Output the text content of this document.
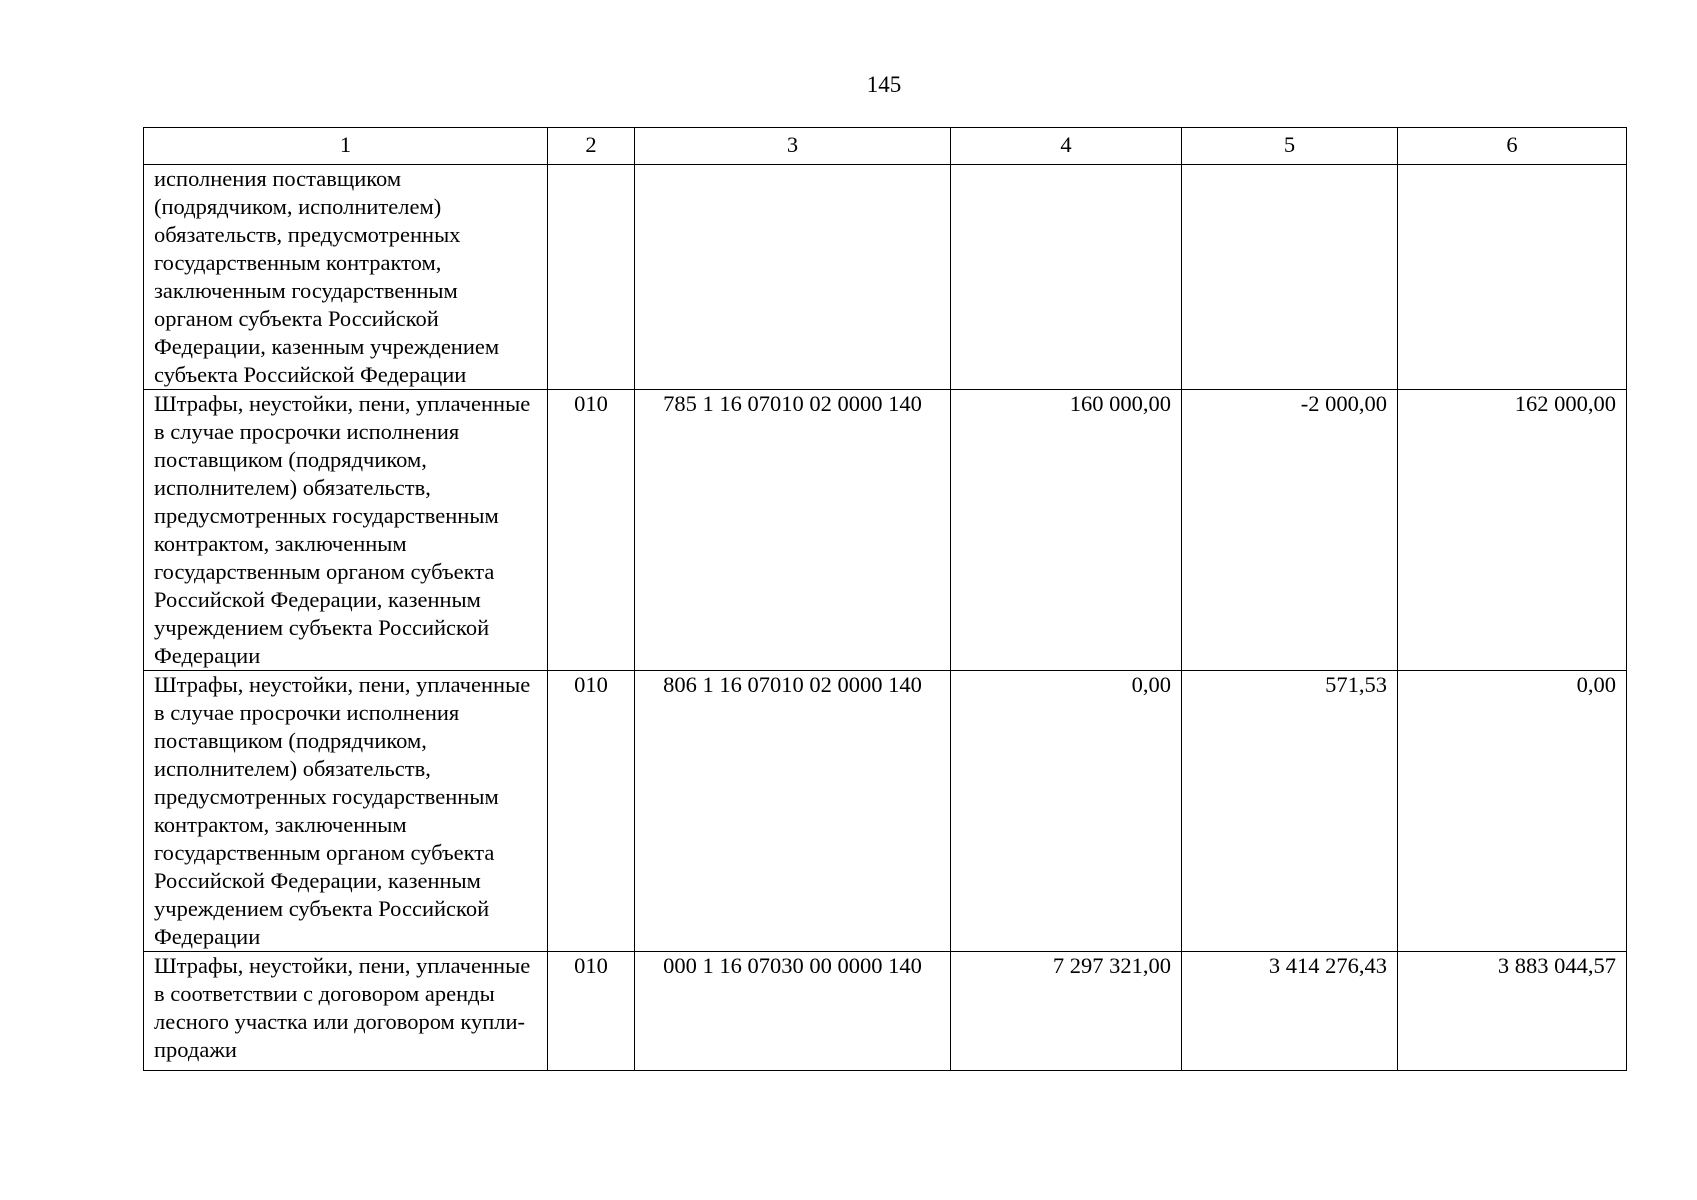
145
1	2	3	4	5	6
исполнения поставщиком (подрядчиком, исполнителем) обязательств, предусмотренных государственным контрактом, заключенным государственным органом субъекта Российской Федерации, казенным учреждением субъекта Российской Федерации					
Штрафы, неустойки, пени, уплаченные в случае просрочки исполнения поставщиком (подрядчиком, исполнителем) обязательств, предусмотренных государственным контрактом, заключенным государственным органом субъекта Российской Федерации, казенным учреждением субъекта Российской Федерации	010	785 1 16 07010 02 0000 140	160 000,00	-2 000,00	162 000,00
Штрафы, неустойки, пени, уплаченные в случае просрочки исполнения поставщиком (подрядчиком, исполнителем) обязательств, предусмотренных государственным контрактом, заключенным государственным органом субъекта Российской Федерации, казенным учреждением субъекта Российской Федерации	010	806 1 16 07010 02 0000 140	0,00	571,53	0,00
Штрафы, неустойки, пени, уплаченные в соответствии с договором аренды лесного участка или договором купли-продажи	010	000 1 16 07030 00 0000 140	7 297 321,00	3 414 276,43	3 883 044,57
